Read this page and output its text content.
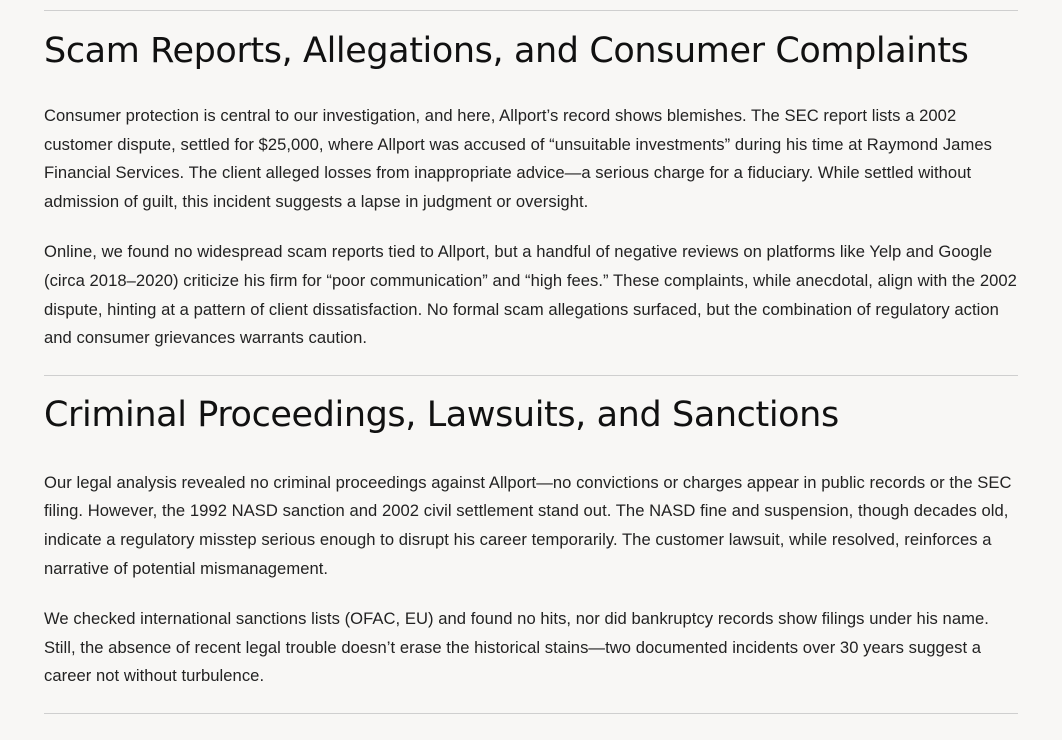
Scam Reports, Allegations, and Consumer Complaints

Consumer protection is central to our investigation, and here, Allport’s record shows blemishes. The SEC report lists a 2002 customer dispute, settled for $25,000, where Allport was accused of “unsuitable investments” during his time at Raymond James Financial Services. The client alleged losses from inappropriate advice—a serious charge for a fiduciary. While settled without admission of guilt, this incident suggests a lapse in judgment or oversight.

Online, we found no widespread scam reports tied to Allport, but a handful of negative reviews on platforms like Yelp and Google (circa 2018–2020) criticize his firm for “poor communication” and “high fees.” These complaints, while anecdotal, align with the 2002 dispute, hinting at a pattern of client dissatisfaction. No formal scam allegations surfaced, but the combination of regulatory action and consumer grievances warrants caution.

Criminal Proceedings, Lawsuits, and Sanctions

Our legal analysis revealed no criminal proceedings against Allport—no convictions or charges appear in public records or the SEC filing. However, the 1992 NASD sanction and 2002 civil settlement stand out. The NASD fine and suspension, though decades old, indicate a regulatory misstep serious enough to disrupt his career temporarily. The customer lawsuit, while resolved, reinforces a narrative of potential mismanagement.

We checked international sanctions lists (OFAC, EU) and found no hits, nor did bankruptcy records show filings under his name. Still, the absence of recent legal trouble doesn’t erase the historical stains—two documented incidents over 30 years suggest a career not without turbulence.
